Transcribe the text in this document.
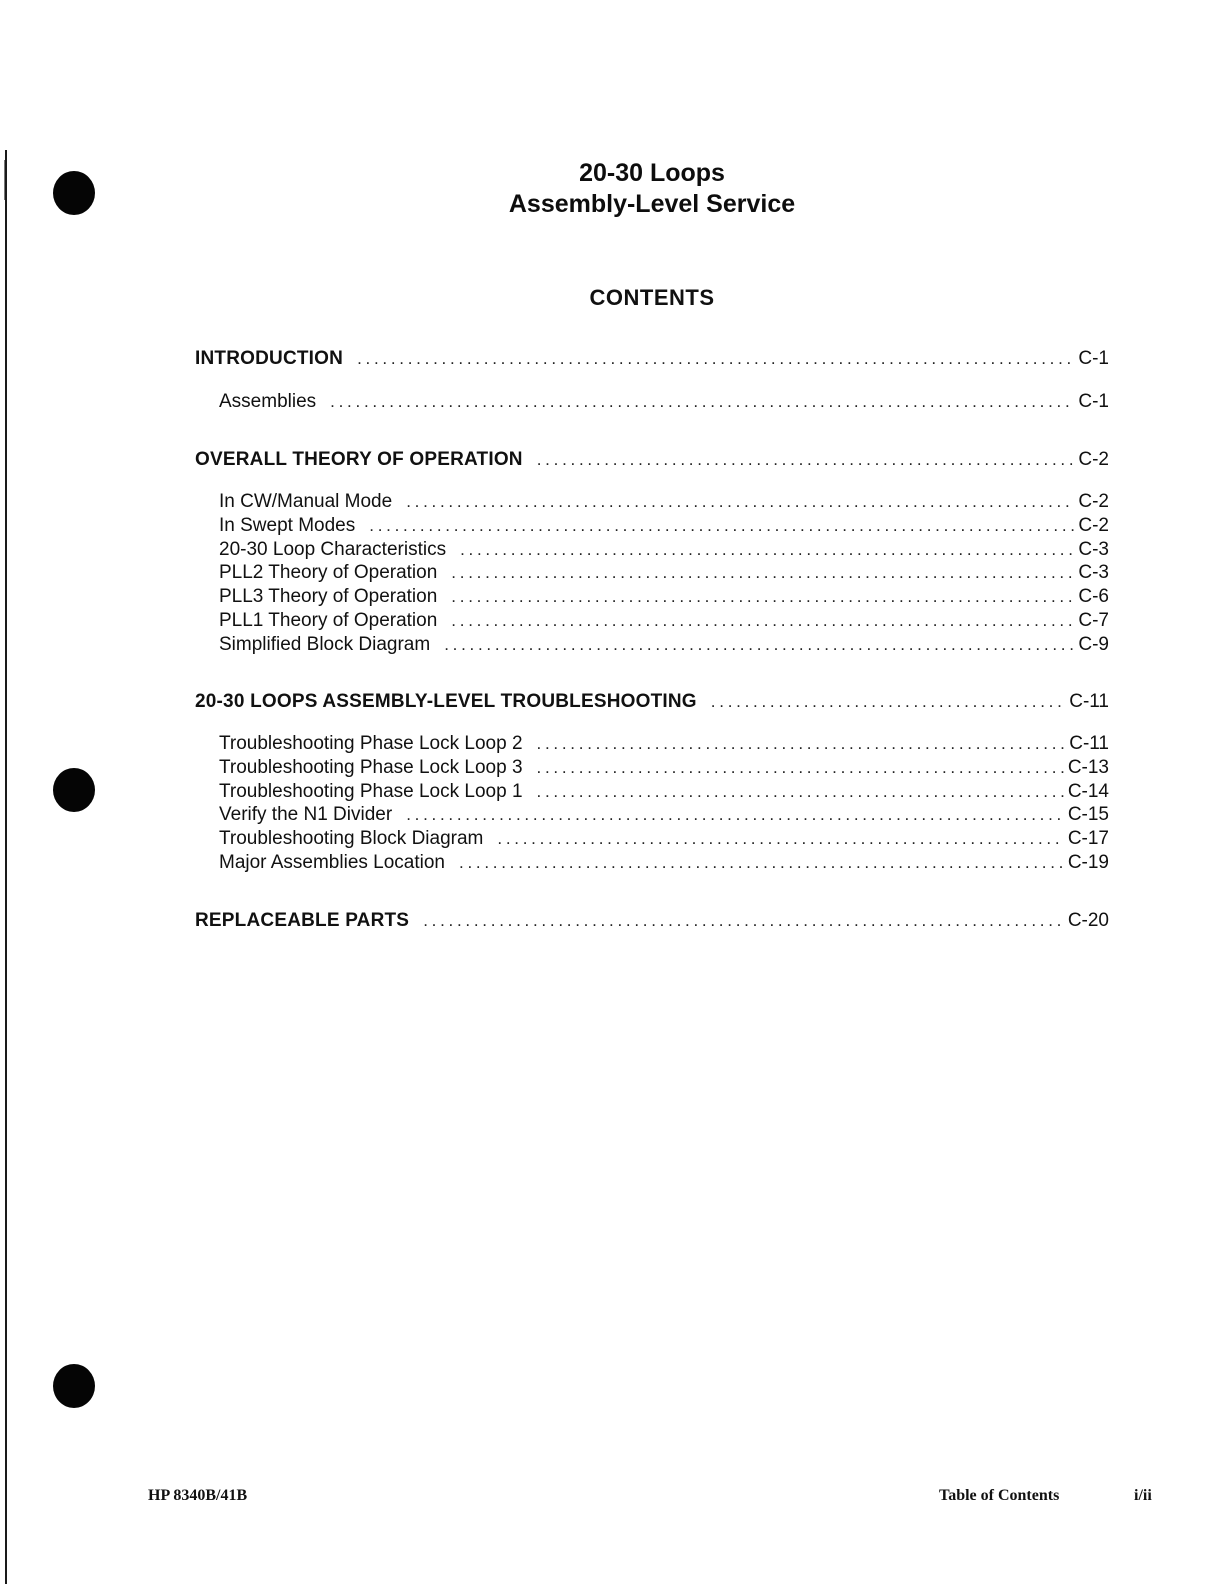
20-30 Loops
Assembly-Level Service
CONTENTS
INTRODUCTION . . .	C-1
Assemblies . . .	C-1
OVERALL THEORY OF OPERATION . . .	C-2
In CW/Manual Mode . . .	C-2
In Swept Modes . . .	C-2
20-30 Loop Characteristics . . .	C-3
PLL2 Theory of Operation . . .	C-3
PLL3 Theory of Operation . . .	C-6
PLL1 Theory of Operation . . .	C-7
Simplified Block Diagram . . .	C-9
20-30 LOOPS ASSEMBLY-LEVEL TROUBLESHOOTING . . .	C-11
Troubleshooting Phase Lock Loop 2 . . .	C-11
Troubleshooting Phase Lock Loop 3 . . .	C-13
Troubleshooting Phase Lock Loop 1 . . .	C-14
Verify the N1 Divider . . .	C-15
Troubleshooting Block Diagram . . .	C-17
Major Assemblies Location . . .	C-19
REPLACEABLE PARTS . . .	C-20
HP 8340B/41B	Table of Contents	i/ii
